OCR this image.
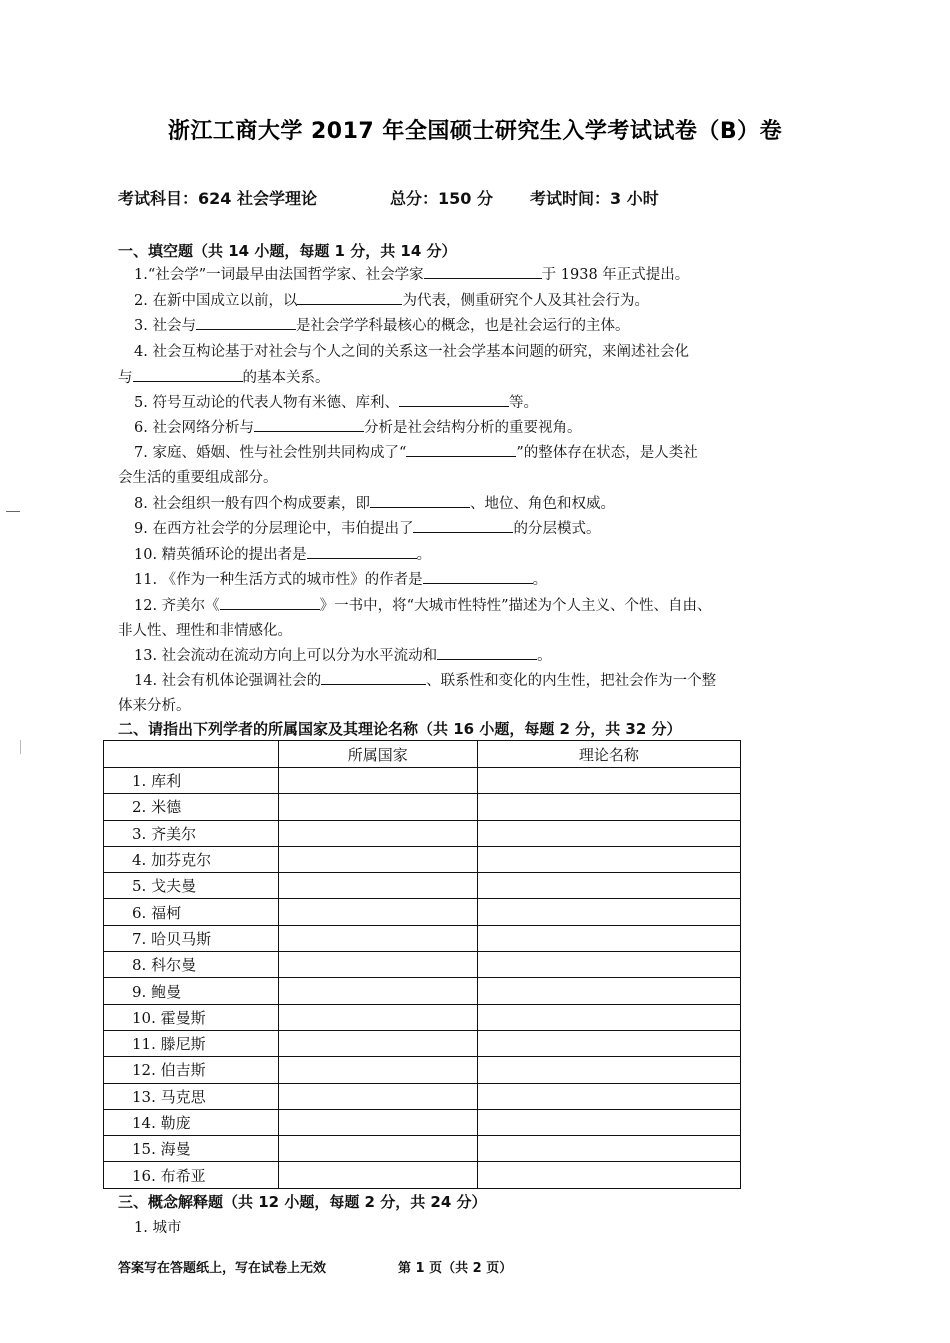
浙江工商大学 2017 年全国硕士研究生入学考试试卷（B）卷
考试科目：624 社会学理论	总分：150 分 考试时间：3 小时
一、填空题（共 14 小题，每题 1 分，共 14 分）
1.“社会学”一词最早由法国哲学家、社会学家	于 1938 年正式提出。
2. 在新中国成立以前，以	为代表，侧重研究个人及其社会行为。
3. 社会与	是社会学学科最核心的概念，也是社会运行的主体。
4. 社会互构论基于对社会与个人之间的关系这一社会学基本问题的研究，来阐述社会化
与	的基本关系。
5. 符号互动论的代表人物有米德、库利、	等。
6. 社会网络分析与	分析是社会结构分析的重要视角。
7. 家庭、婚姻、性与社会性别共同构成了“	”的整体存在状态，是人类社
会生活的重要组成部分。
8. 社会组织一般有四个构成要素，即	、地位、角色和权威。
9. 在西方社会学的分层理论中，韦伯提出了	的分层模式。
10. 精英循环论的提出者是	。
11. 《作为一种生活方式的城市性》的作者是	。
12. 齐美尔《	》一书中，将“大城市性特性”描述为个人主义、个性、自由、
非人性、理性和非情感化。
13. 社会流动在流动方向上可以分为水平流动和	。
14. 社会有机体论强调社会的	、联系性和变化的内生性，把社会作为一个整
体来分析。
二、请指出下列学者的所属国家及其理论名称（共 16 小题，每题 2 分，共 32 分）
	所属国家	理论名称
1. 库利		
2. 米德		
3. 齐美尔		
4. 加芬克尔		
5. 戈夫曼		
6. 福柯		
7. 哈贝马斯		
8. 科尔曼		
9. 鲍曼		
10. 霍曼斯		
11. 滕尼斯		
12. 伯吉斯		
13. 马克思		
14. 勒庞		
15. 海曼		
16. 布希亚		
三、概念解释题（共 12 小题，每题 2 分，共 24 分）
1. 城市
答案写在答题纸上，写在试卷上无效	第 1 页（共 2 页）
